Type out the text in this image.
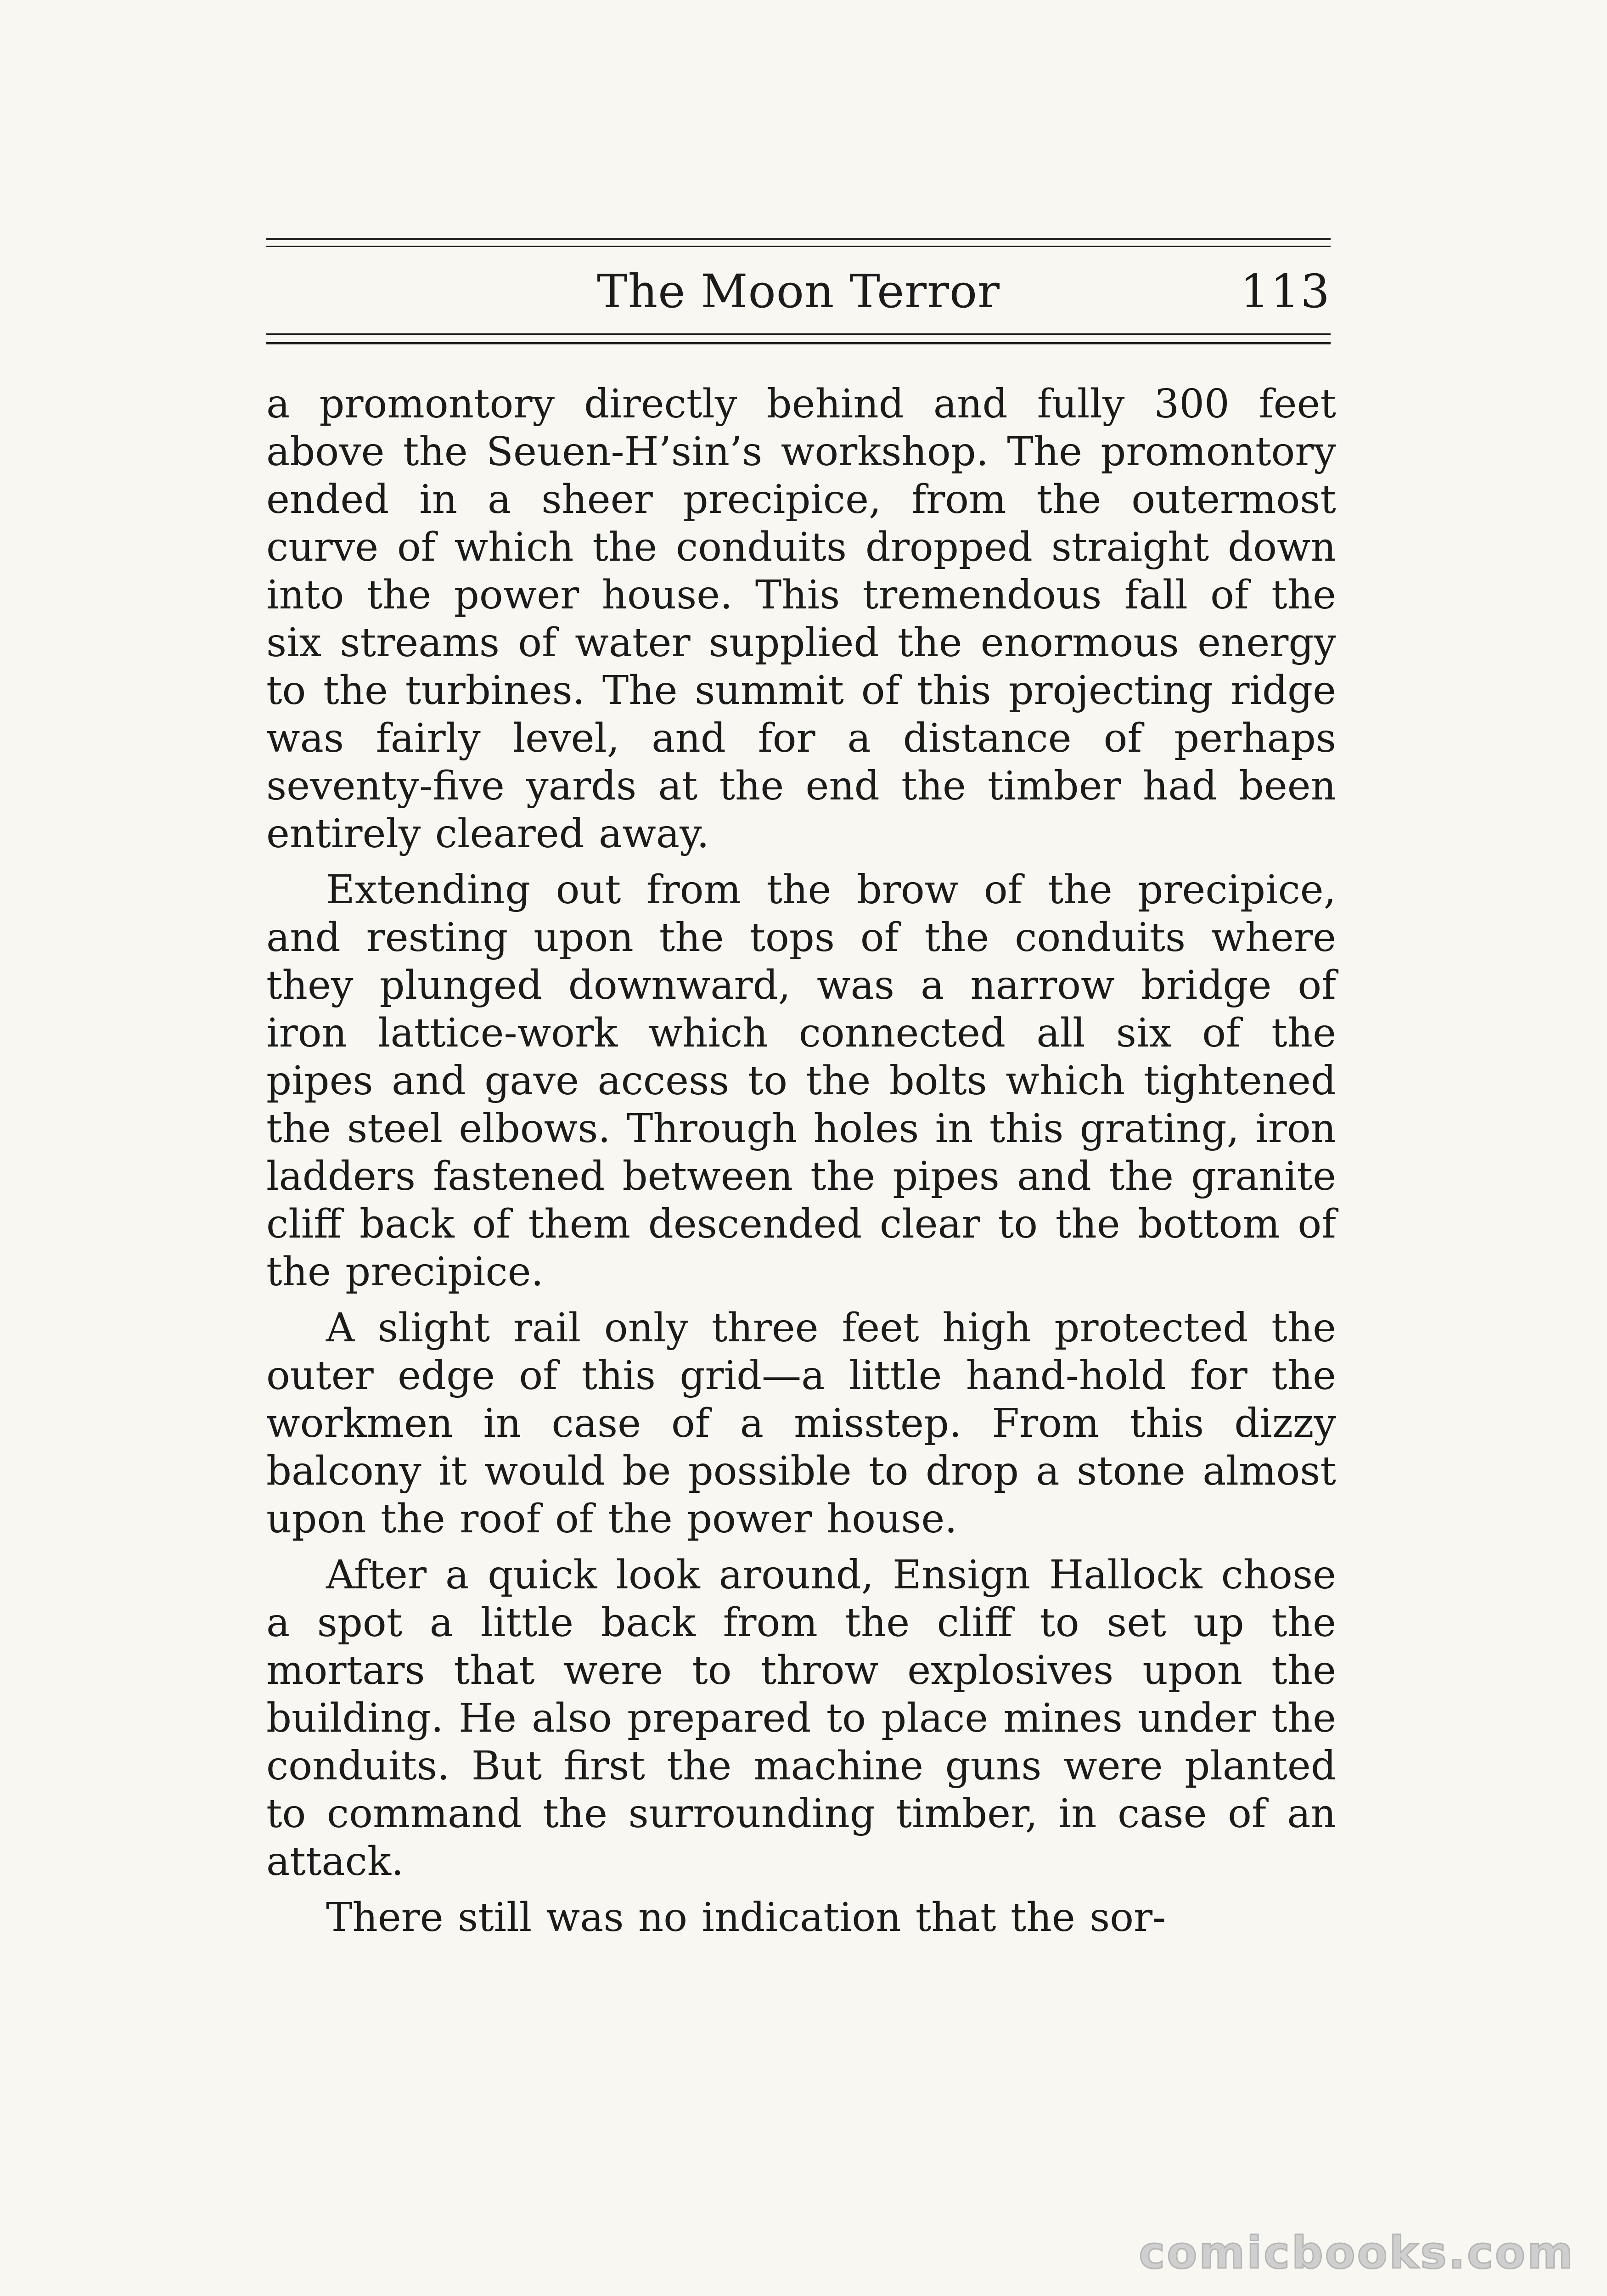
The Moon Terror	113

a promontory directly behind and fully 300 feet above the Seuen-H’sin’s workshop. The promontory ended in a sheer precipice, from the outermost curve of which the conduits dropped straight down into the power house. This tremendous fall of the six streams of water supplied the enormous energy to the turbines. The summit of this projecting ridge was fairly level, and for a distance of perhaps seventy-five yards at the end the timber had been entirely cleared away.

Extending out from the brow of the precipice, and resting upon the tops of the conduits where they plunged downward, was a narrow bridge of iron lattice-work which connected all six of the pipes and gave access to the bolts which tightened the steel elbows. Through holes in this grating, iron ladders fastened between the pipes and the granite cliff back of them descended clear to the bottom of the precipice.

A slight rail only three feet high protected the outer edge of this grid—a little hand-hold for the workmen in case of a misstep. From this dizzy balcony it would be possible to drop a stone almost upon the roof of the power house.

After a quick look around, Ensign Hallock chose a spot a little back from the cliff to set up the mortars that were to throw explosives upon the building. He also prepared to place mines under the conduits. But first the machine guns were planted to command the surrounding timber, in case of an attack.

There still was no indication that the sor-

comicbooks.com
